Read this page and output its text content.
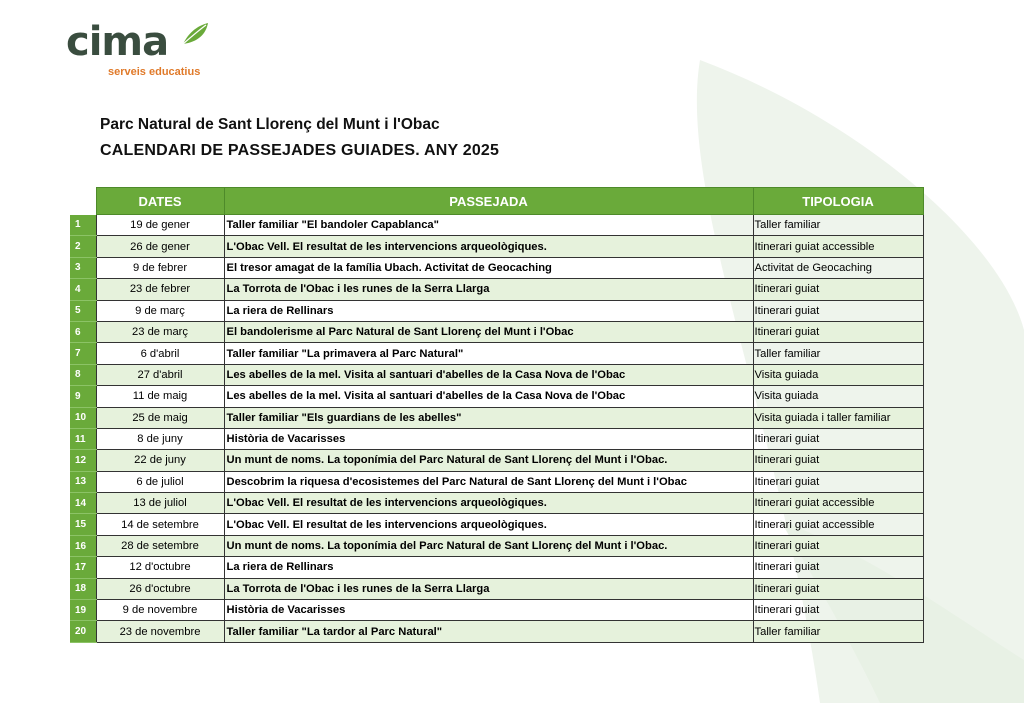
cima
serveis educatius
Parc Natural de Sant Llorenç del Munt i l'Obac
CALENDARI DE PASSEJADES GUIADES. ANY 2025
	DATES	PASSEJADA	TIPOLOGIA
1	19 de gener	Taller familiar "El bandoler Capablanca"	Taller familiar
2	26 de gener	L'Obac Vell. El resultat de les intervencions arqueològiques.	Itinerari guiat accessible
3	9 de febrer	El tresor amagat de la família Ubach. Activitat de Geocaching	Activitat de Geocaching
4	23 de febrer	La Torrota de l'Obac i les runes de la Serra Llarga	Itinerari guiat
5	9 de març	La riera de Rellinars	Itinerari guiat
6	23 de març	El bandolerisme al Parc Natural de Sant Llorenç del Munt i l'Obac	Itinerari guiat
7	6 d'abril	Taller familiar "La primavera al Parc Natural"	Taller familiar
8	27 d'abril	Les abelles de la mel. Visita al santuari d'abelles de la Casa Nova de l'Obac	Visita guiada
9	11 de maig	Les abelles de la mel. Visita al santuari d'abelles de la Casa Nova de l'Obac	Visita guiada
10	25 de maig	Taller familiar "Els guardians de les abelles"	Visita guiada i taller familiar
11	8 de juny	Història de Vacarisses	Itinerari guiat
12	22 de juny	Un munt de noms. La toponímia del Parc Natural de Sant Llorenç del Munt i l'Obac.	Itinerari guiat
13	6 de juliol	Descobrim la riquesa d'ecosistemes del Parc Natural de Sant Llorenç del Munt i l'Obac	Itinerari guiat
14	13 de juliol	L'Obac Vell. El resultat de les intervencions arqueològiques.	Itinerari guiat accessible
15	14 de setembre	L'Obac Vell. El resultat de les intervencions arqueològiques.	Itinerari guiat accessible
16	28 de setembre	Un munt de noms. La toponímia del Parc Natural de Sant Llorenç del Munt i l'Obac.	Itinerari guiat
17	12 d'octubre	La riera de Rellinars	Itinerari guiat
18	26 d'octubre	La Torrota de l'Obac i les runes de la Serra Llarga	Itinerari guiat
19	9 de novembre	Història de Vacarisses	Itinerari guiat
20	23 de novembre	Taller familiar "La tardor al Parc Natural"	Taller familiar
